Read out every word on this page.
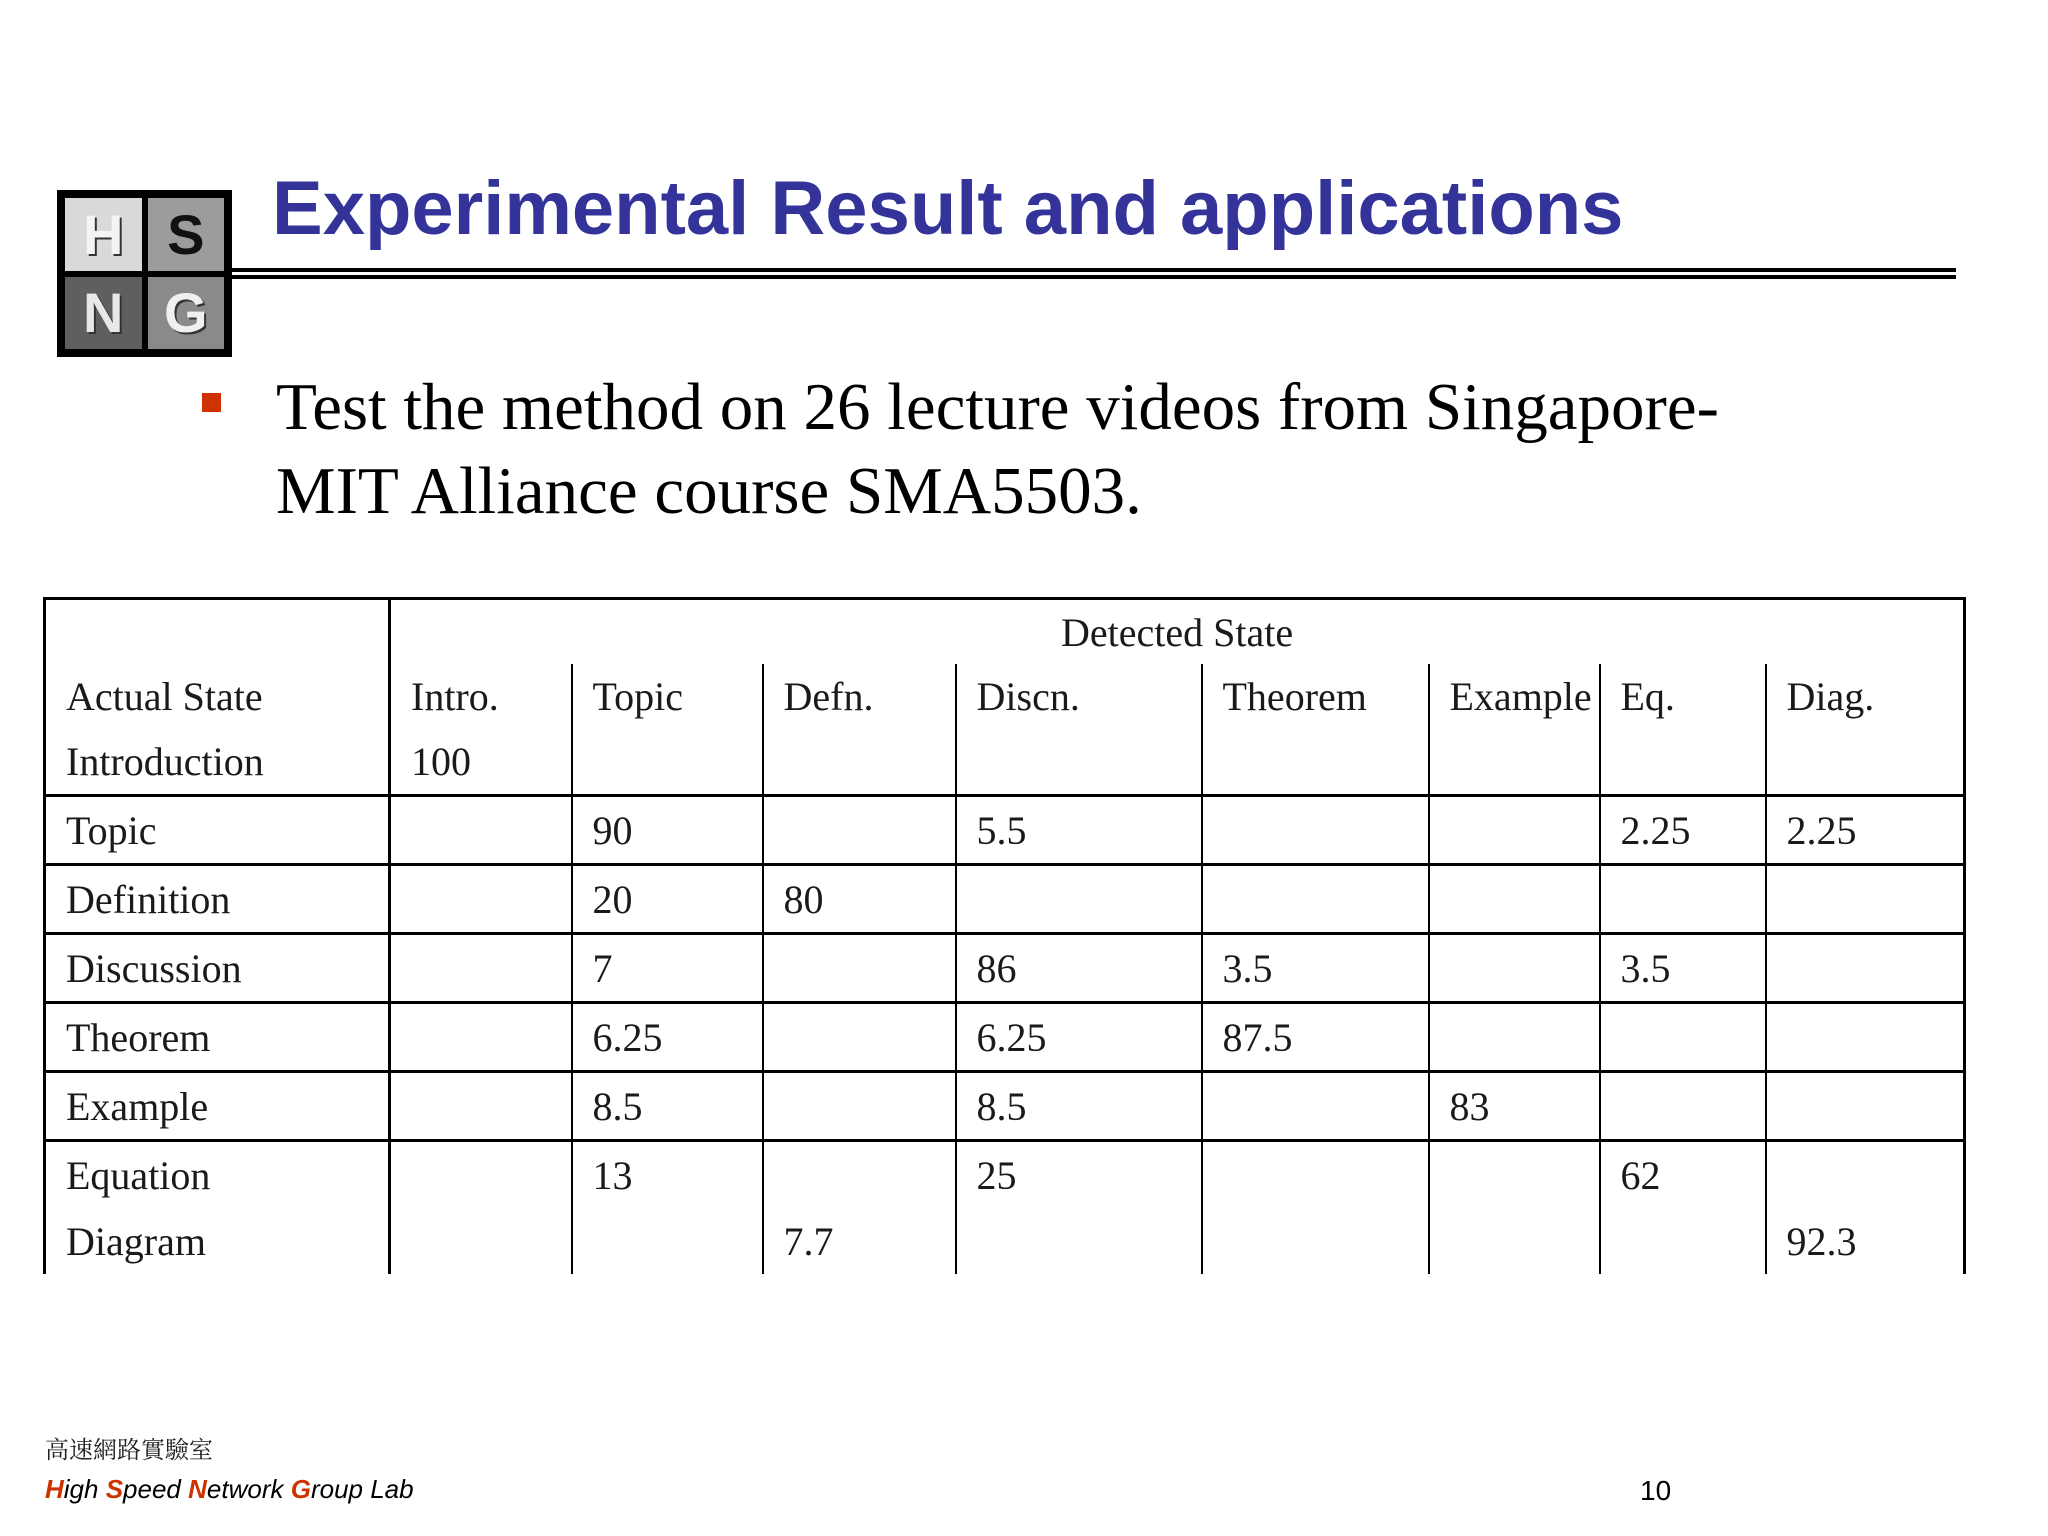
H S
N G
Experimental Result and applications

Test the method on 26 lecture videos from Singapore-
MIT Alliance course SMA5503.

	Detected State							
Actual State	Intro.	Topic	Defn.	Discn.	Theorem	Example	Eq.	Diag.
Introduction	100							
Topic		90		5.5			2.25	2.25
Definition		20	80					
Discussion		7		86	3.5		3.5	
Theorem		6.25		6.25	87.5			
Example		8.5		8.5		83		
Equation		13		25			62	
Diagram			7.7					92.3

高速網路實驗室

High Speed Network Group Lab	10
